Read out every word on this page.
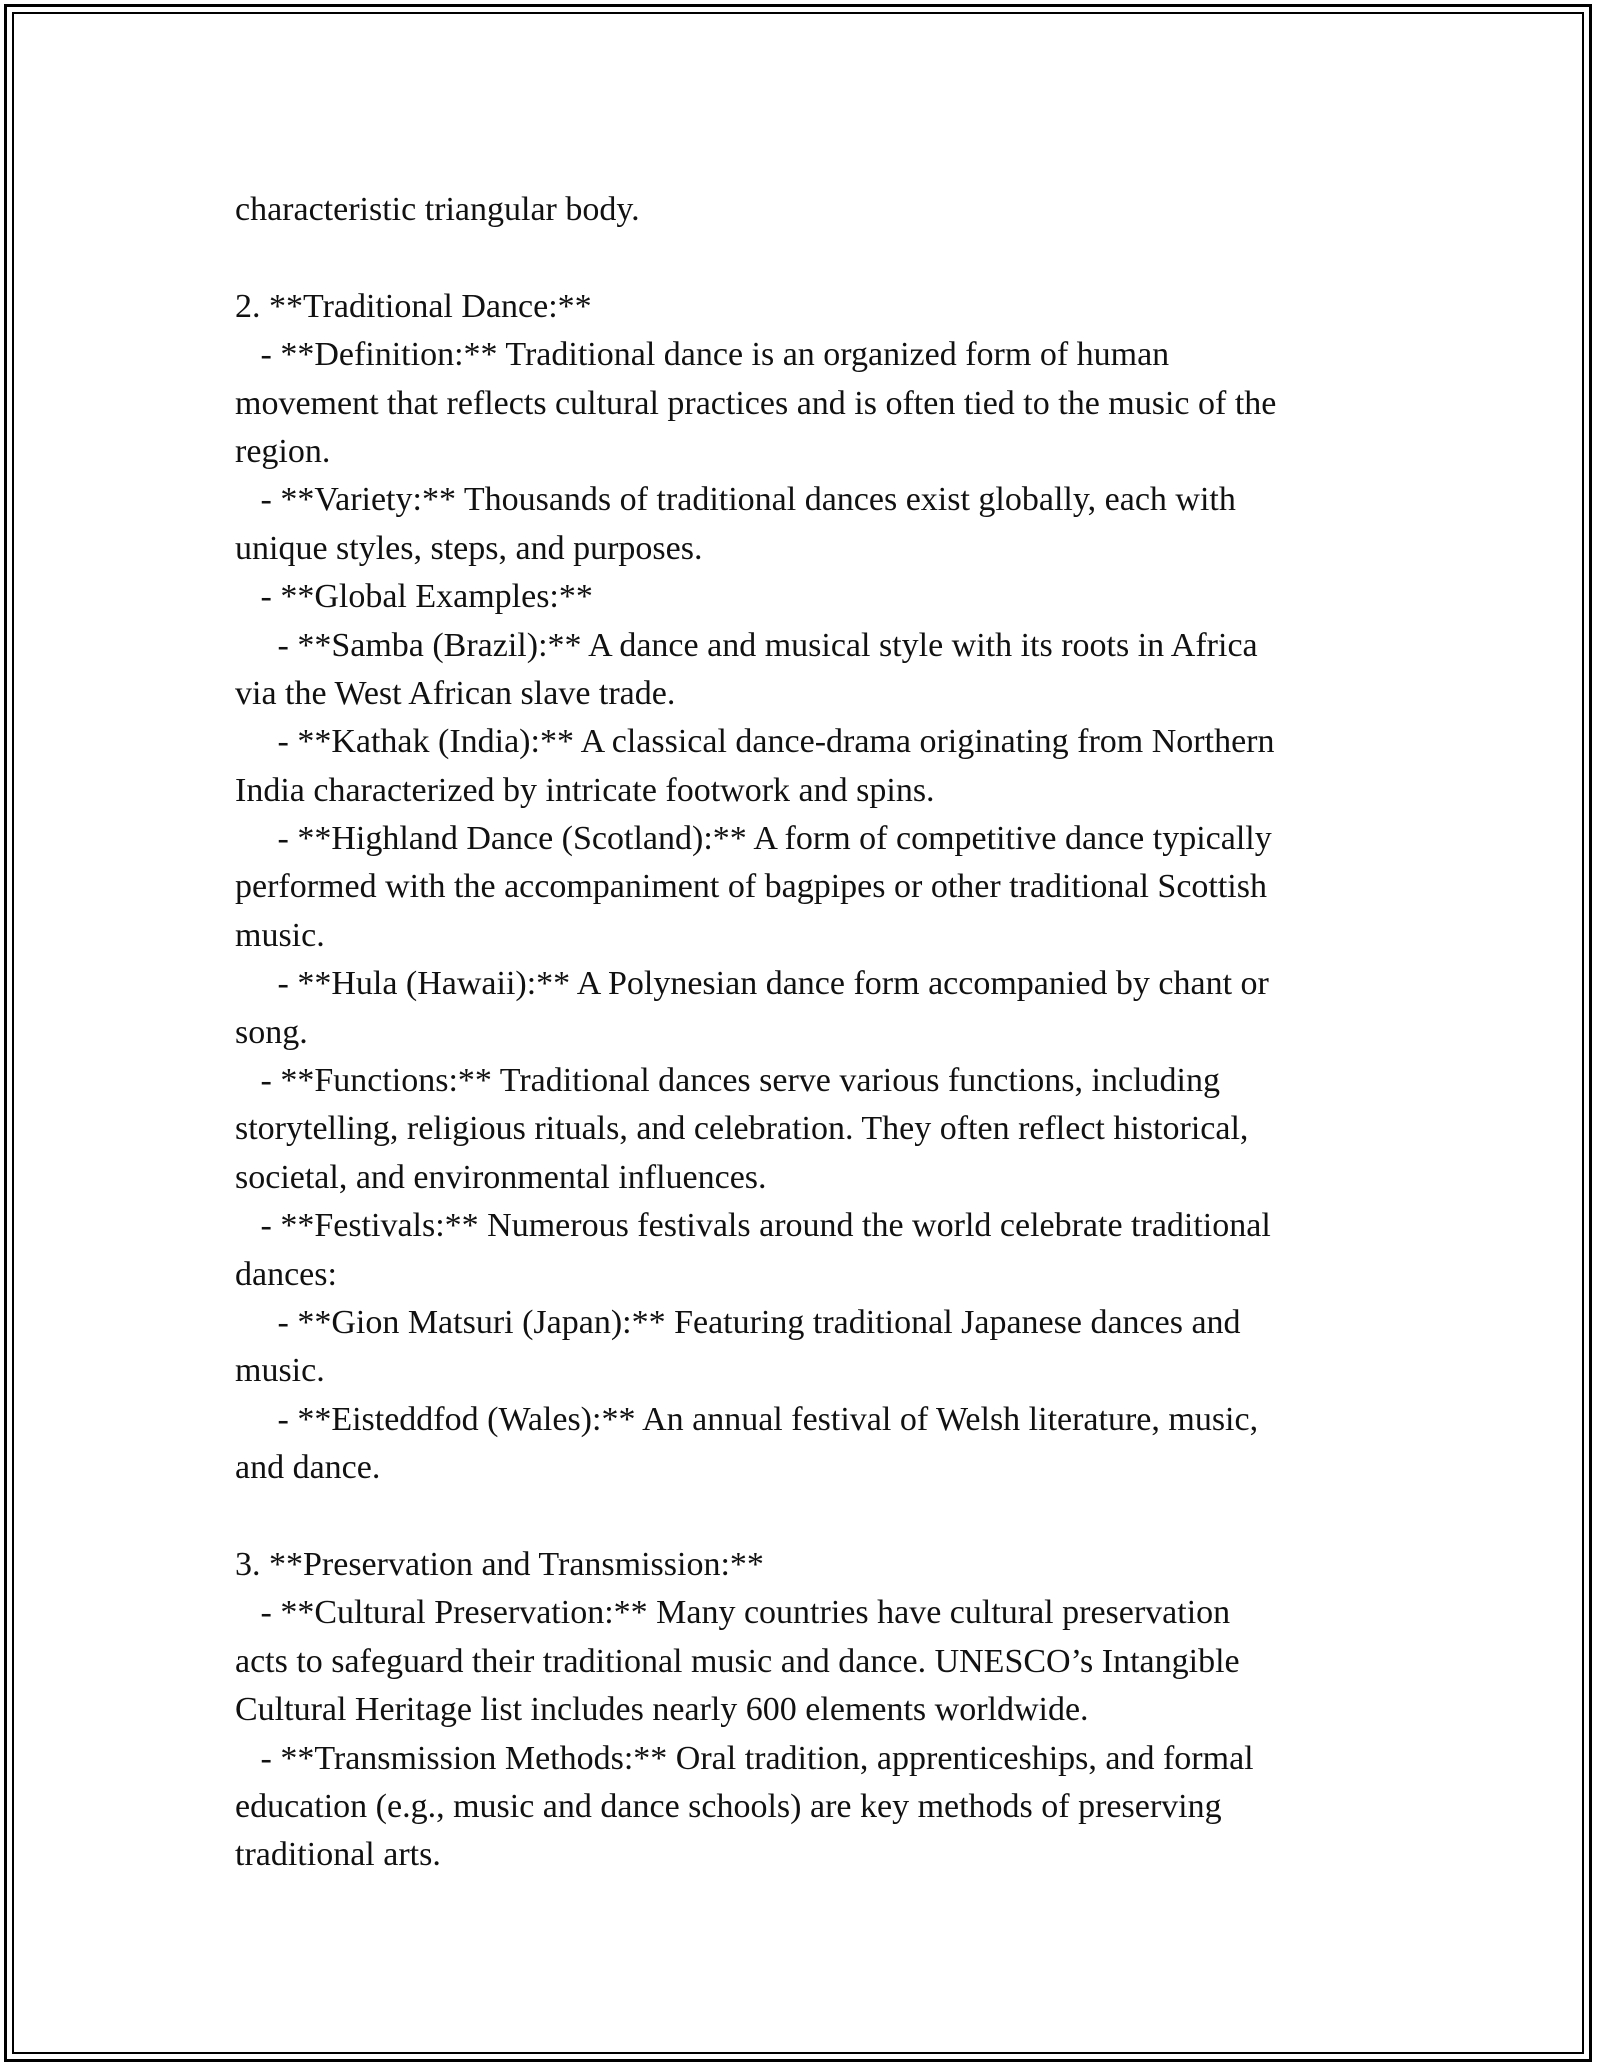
characteristic triangular body.

2. **Traditional Dance:**

- **Definition:** Traditional dance is an organized form of human

movement that reflects cultural practices and is often tied to the music of the

region.

- **Variety:** Thousands of traditional dances exist globally, each with

unique styles, steps, and purposes.

- **Global Examples:**

- **Samba (Brazil):** A dance and musical style with its roots in Africa

via the West African slave trade.

- **Kathak (India):** A classical dance-drama originating from Northern

India characterized by intricate footwork and spins.

- **Highland Dance (Scotland):** A form of competitive dance typically

performed with the accompaniment of bagpipes or other traditional Scottish

music.

- **Hula (Hawaii):** A Polynesian dance form accompanied by chant or

song.

- **Functions:** Traditional dances serve various functions, including

storytelling, religious rituals, and celebration. They often reflect historical,

societal, and environmental influences.

- **Festivals:** Numerous festivals around the world celebrate traditional

dances:

- **Gion Matsuri (Japan):** Featuring traditional Japanese dances and

music.

- **Eisteddfod (Wales):** An annual festival of Welsh literature, music,

and dance.

3. **Preservation and Transmission:**

- **Cultural Preservation:** Many countries have cultural preservation

acts to safeguard their traditional music and dance. UNESCO’s Intangible

Cultural Heritage list includes nearly 600 elements worldwide.

- **Transmission Methods:** Oral tradition, apprenticeships, and formal

education (e.g., music and dance schools) are key methods of preserving

traditional arts.
